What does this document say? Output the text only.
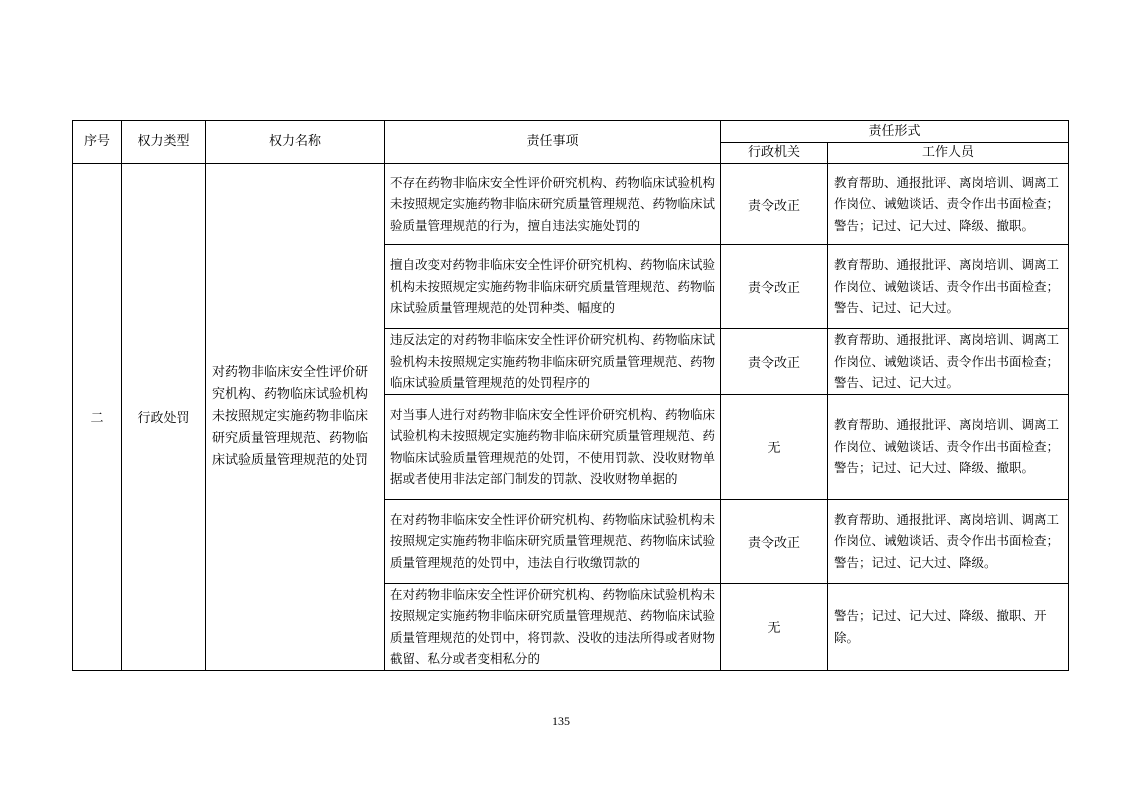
序号	权力类型	权力名称	责任事项	责任形式	
				行政机关	工作人员
二	行政处罚	对药物非临床安全性评价研究机构、药物临床试验机构未按照规定实施药物非临床研究质量管理规范、药物临床试验质量管理规范的处罚	不存在药物非临床安全性评价研究机构、药物临床试验机构未按照规定实施药物非临床研究质量管理规范、药物临床试验质量管理规范的行为，擅自违法实施处罚的	责令改正	教育帮助、通报批评、离岗培训、调离工作岗位、诫勉谈话、责令作出书面检查；警告；记过、记大过、降级、撤职。
			擅自改变对药物非临床安全性评价研究机构、药物临床试验机构未按照规定实施药物非临床研究质量管理规范、药物临床试验质量管理规范的处罚种类、幅度的	责令改正	教育帮助、通报批评、离岗培训、调离工作岗位、诫勉谈话、责令作出书面检查；警告、记过、记大过。
			违反法定的对药物非临床安全性评价研究机构、药物临床试验机构未按照规定实施药物非临床研究质量管理规范、药物临床试验质量管理规范的处罚程序的	责令改正	教育帮助、通报批评、离岗培训、调离工作岗位、诫勉谈话、责令作出书面检查；警告、记过、记大过。
			对当事人进行对药物非临床安全性评价研究机构、药物临床试验机构未按照规定实施药物非临床研究质量管理规范、药物临床试验质量管理规范的处罚，不使用罚款、没收财物单据或者使用非法定部门制发的罚款、没收财物单据的	无	教育帮助、通报批评、离岗培训、调离工作岗位、诫勉谈话、责令作出书面检查；警告；记过、记大过、降级、撤职。
			在对药物非临床安全性评价研究机构、药物临床试验机构未按照规定实施药物非临床研究质量管理规范、药物临床试验质量管理规范的处罚中，违法自行收缴罚款的	责令改正	教育帮助、通报批评、离岗培训、调离工作岗位、诫勉谈话、责令作出书面检查；警告；记过、记大过、降级。
			在对药物非临床安全性评价研究机构、药物临床试验机构未按照规定实施药物非临床研究质量管理规范、药物临床试验质量管理规范的处罚中，将罚款、没收的违法所得或者财物截留、私分或者变相私分的	无	警告；记过、记大过、降级、撤职、开除。
135
